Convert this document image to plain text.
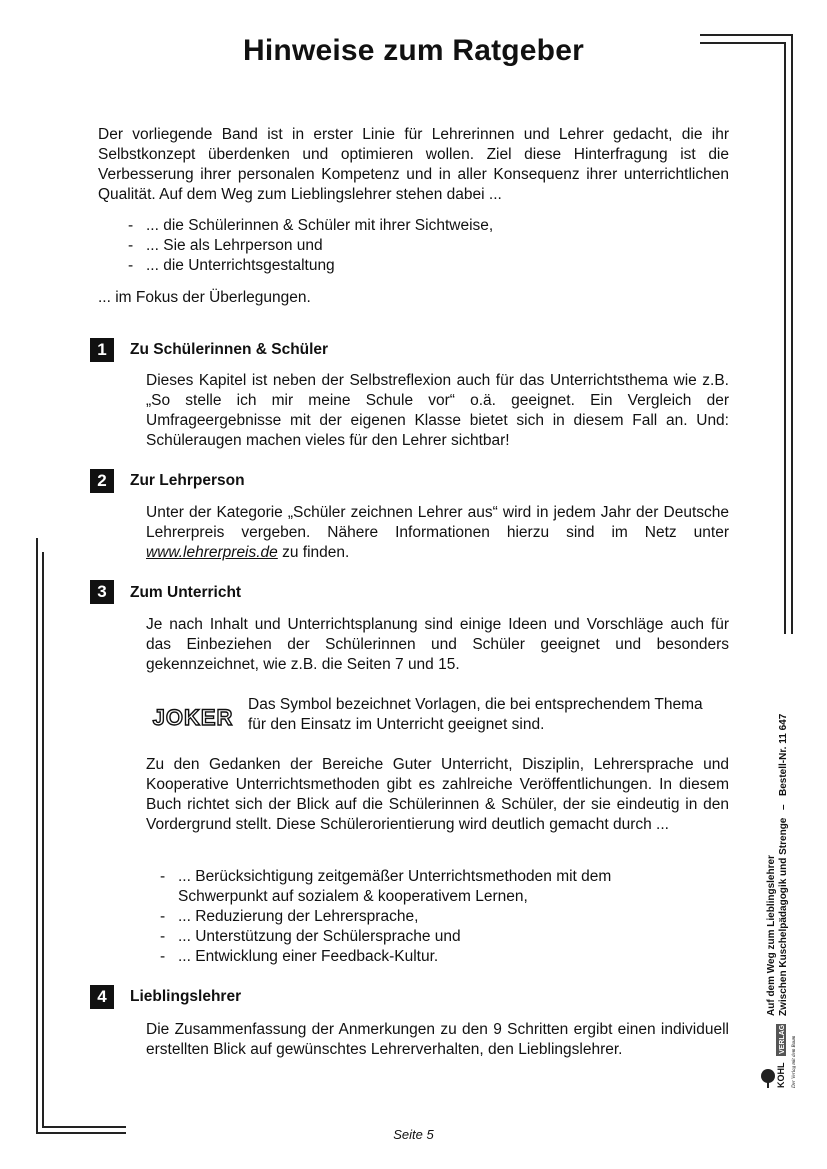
Hinweise zum Ratgeber

Der vorliegende Band ist in erster Linie für Lehrerinnen und Lehrer gedacht, die ihr Selbstkonzept überdenken und optimieren wollen. Ziel diese Hinterfragung ist die Verbesserung ihrer personalen Kompetenz und in aller Konsequenz ihrer unterrichtlichen Qualität. Auf dem Weg zum Lieblingslehrer stehen dabei ...

- ... die Schülerinnen & Schüler mit ihrer Sichtweise,
- ... Sie als Lehrperson und
- ... die Unterrichtsgestaltung

... im Fokus der Überlegungen.

1	Zu Schülerinnen & Schüler

Dieses Kapitel ist neben der Selbstreflexion auch für das Unterrichtsthema wie z.B. „So stelle ich mir meine Schule vor“ o.ä. geeignet. Ein Vergleich der Umfrageergebnisse mit der eigenen Klasse bietet sich in diesem Fall an. Und: Schüleraugen machen vieles für den Lehrer sichtbar!

2	Zur Lehrperson

Unter der Kategorie „Schüler zeichnen Lehrer aus“ wird in jedem Jahr der Deutsche Lehrerpreis vergeben. Nähere Informationen hierzu sind im Netz unter www.lehrerpreis.de zu finden.

3	Zum Unterricht

Je nach Inhalt und Unterrichtsplanung sind einige Ideen und Vorschläge auch für das Einbeziehen der Schülerinnen und Schüler geeignet und besonders gekennzeichnet, wie z.B. die Seiten 7 und 15.

JOKER

Das Symbol bezeichnet Vorlagen, die bei entsprechendem Thema für den Einsatz im Unterricht geeignet sind.

Zu den Gedanken der Bereiche Guter Unterricht, Disziplin, Lehrersprache und Kooperative Unterrichtsmethoden gibt es zahlreiche Veröffentlichungen. In diesem Buch richtet sich der Blick auf die Schülerinnen & Schüler, der sie eindeutig in den Vordergrund stellt. Diese Schülerorientierung wird deutlich gemacht durch ...

- ... Berücksichtigung zeitgemäßer Unterrichtsmethoden mit dem Schwerpunkt auf sozialem & kooperativem Lernen,
- ... Reduzierung der Lehrersprache,
- ... Unterstützung der Schülersprache und
- ... Entwicklung einer Feedback-Kultur.
4	Lieblingslehrer

Die Zusammenfassung der Anmerkungen zu den 9 Schritten ergibt einen individuell erstellten Blick auf gewünschtes Lehrerverhalten, den Lieblingslehrer.

Auf dem Weg zum Lieblingslehrer Zwischen Kuschelpädagogik und Strenge
–
Bestell-Nr. 11 647
KOHL
VERLAG Der Verlag mit dem Baum
Seite 5
